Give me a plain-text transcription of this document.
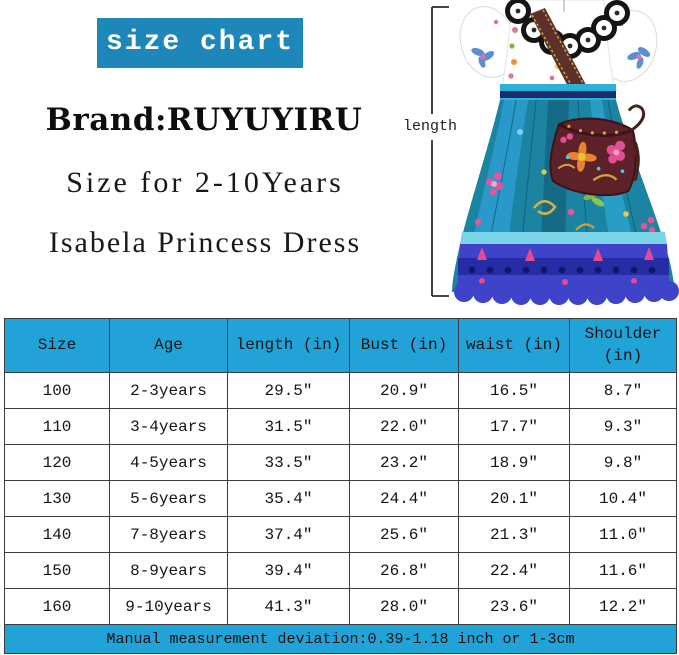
size chart
Brand:RUYUYIRU
Size for 2-10Years
Isabela Princess Dress
length
Size	Age	length (in)	Bust (in)	waist (in)	Shoulder (in)
100	2-3years	29.5″	20.9″	16.5″	8.7″
110	3-4years	31.5″	22.0″	17.7″	9.3″
120	4-5years	33.5″	23.2″	18.9″	9.8″
130	5-6years	35.4″	24.4″	20.1″	10.4″
140	7-8years	37.4″	25.6″	21.3″	11.0″
150	8-9years	39.4″	26.8″	22.4″	11.6″
160	9-10years	41.3″	28.0″	23.6″	12.2″
Manual measurement deviation:0.39-1.18 inch or 1-3cm					
